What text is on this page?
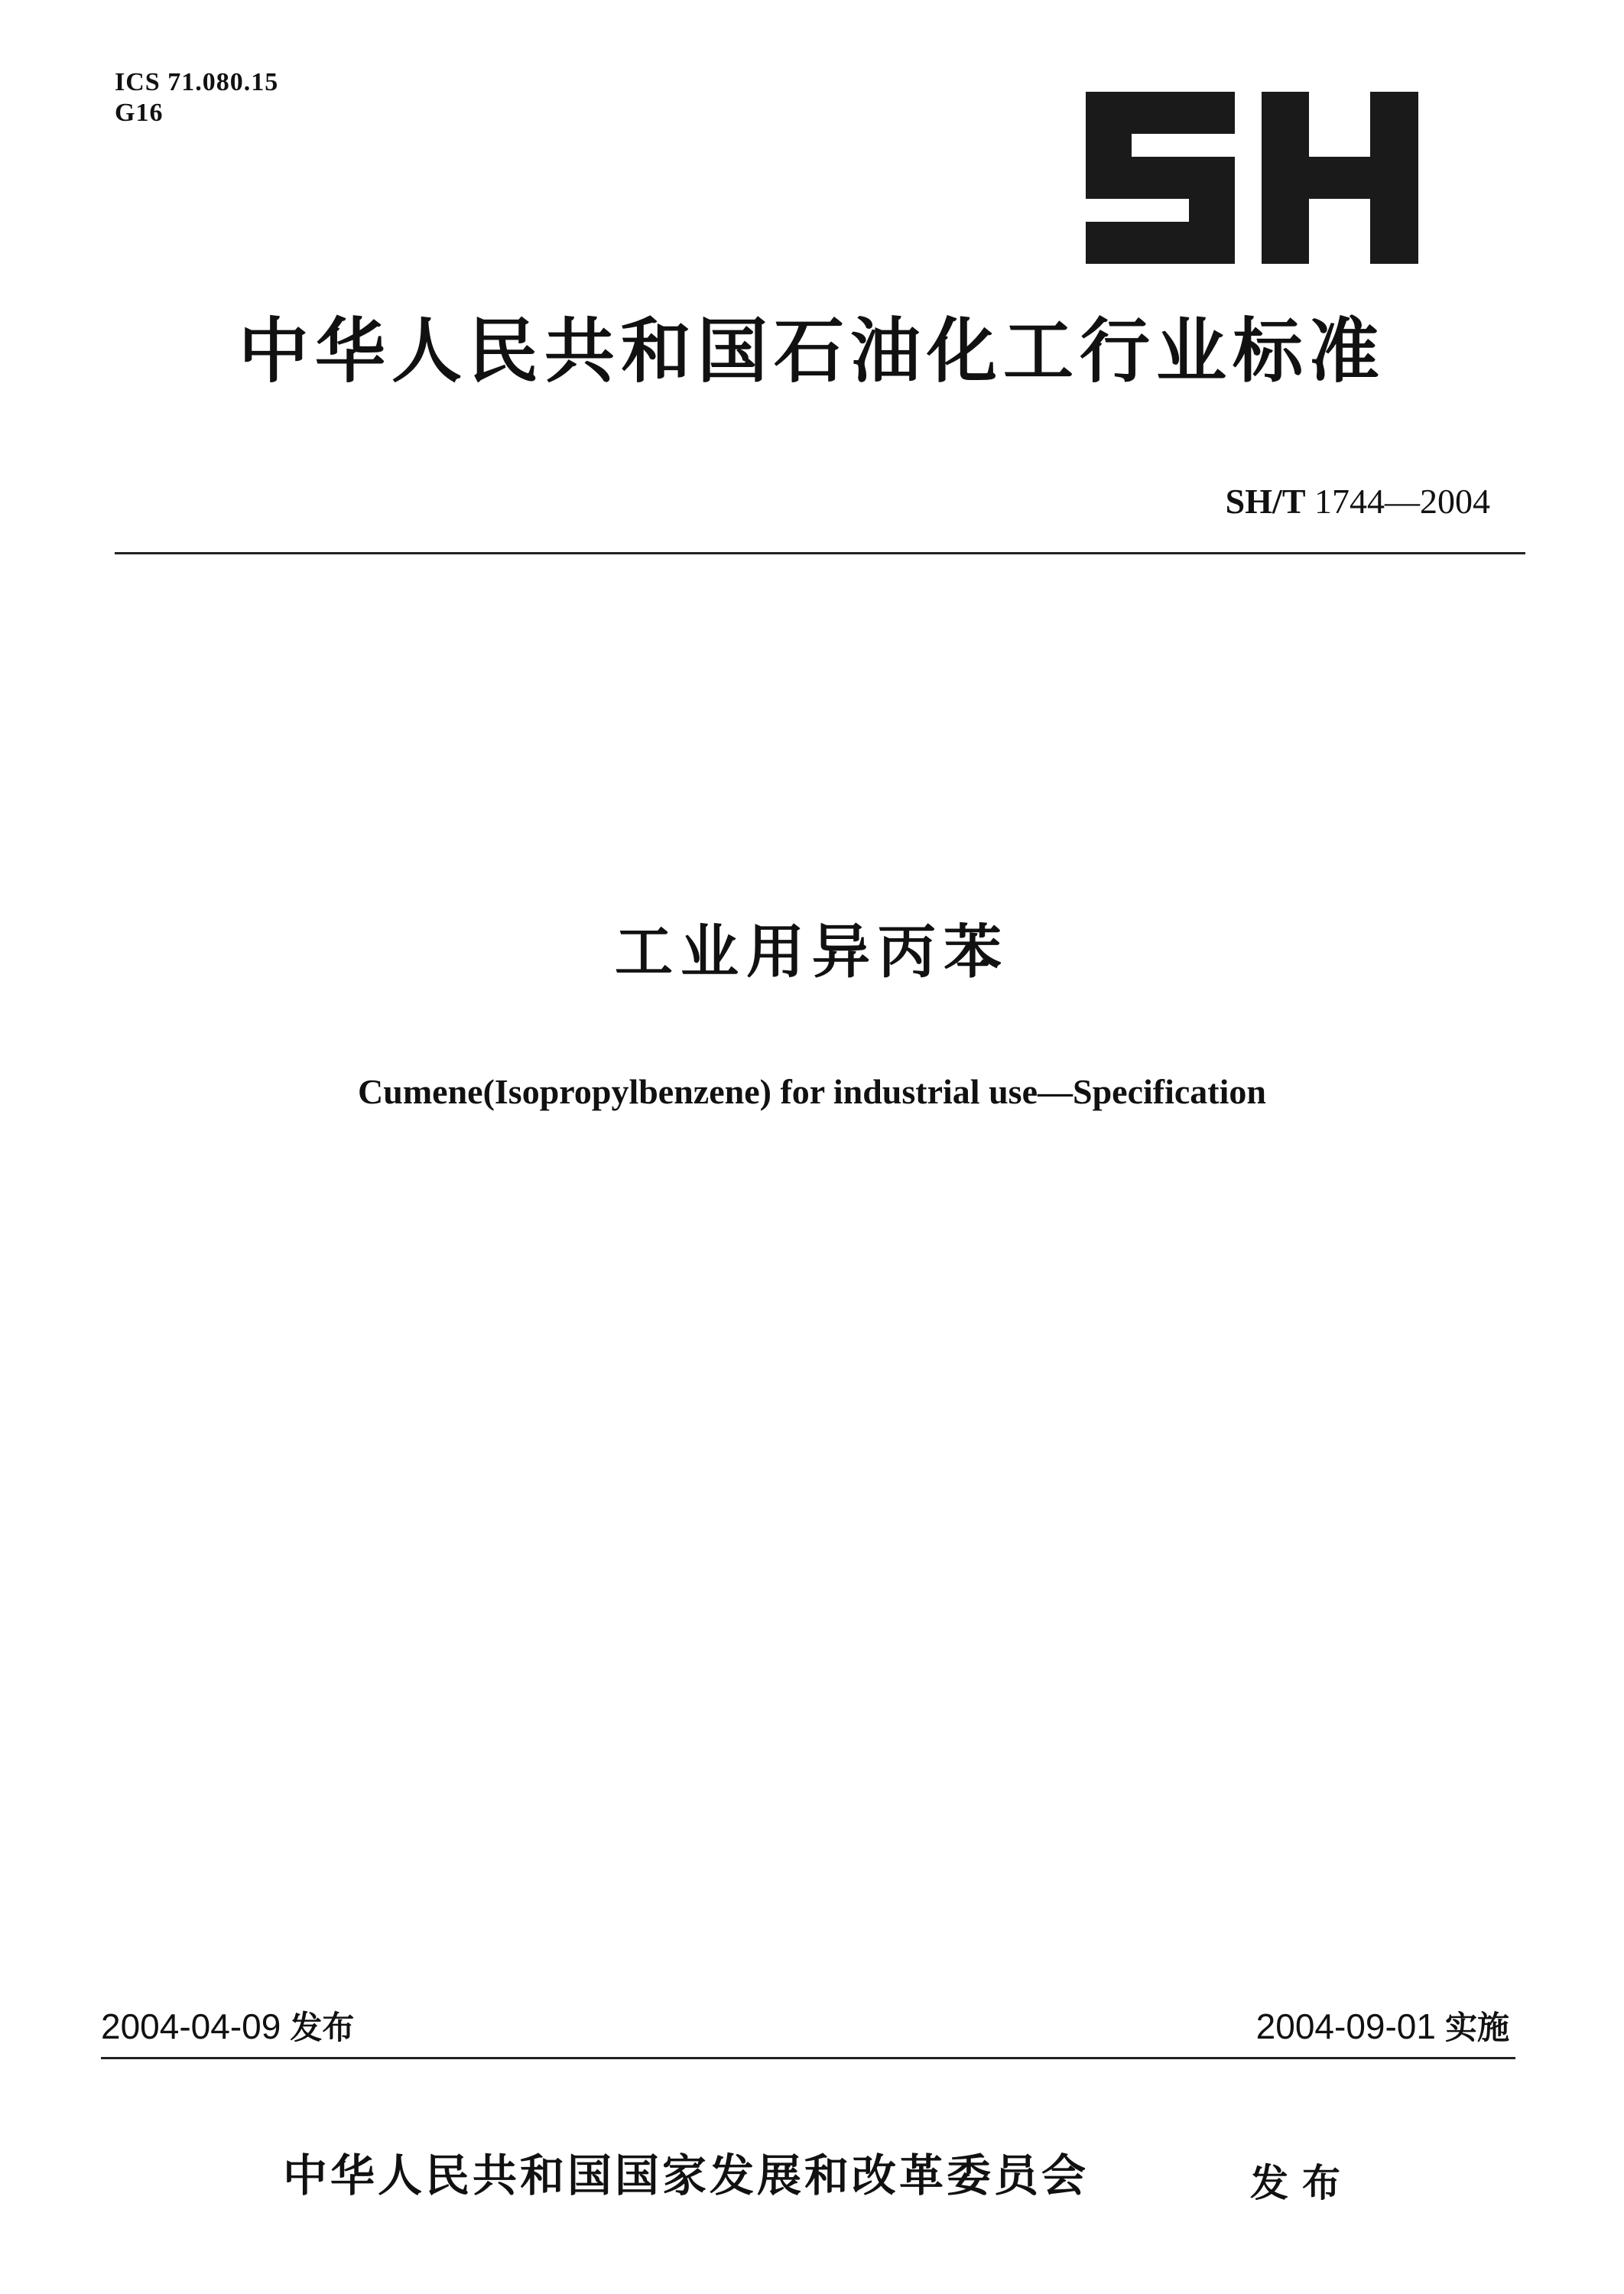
ICS 71.080.15
G16
中华人民共和国石油化工行业标准
SH/T 1744—2004
工业用异丙苯
Cumene(Isopropylbenzene) for industrial use—Specification
2004-04-09 发布	2004-09-01 实施
中华人民共和国国家发展和改革委员会	发布
